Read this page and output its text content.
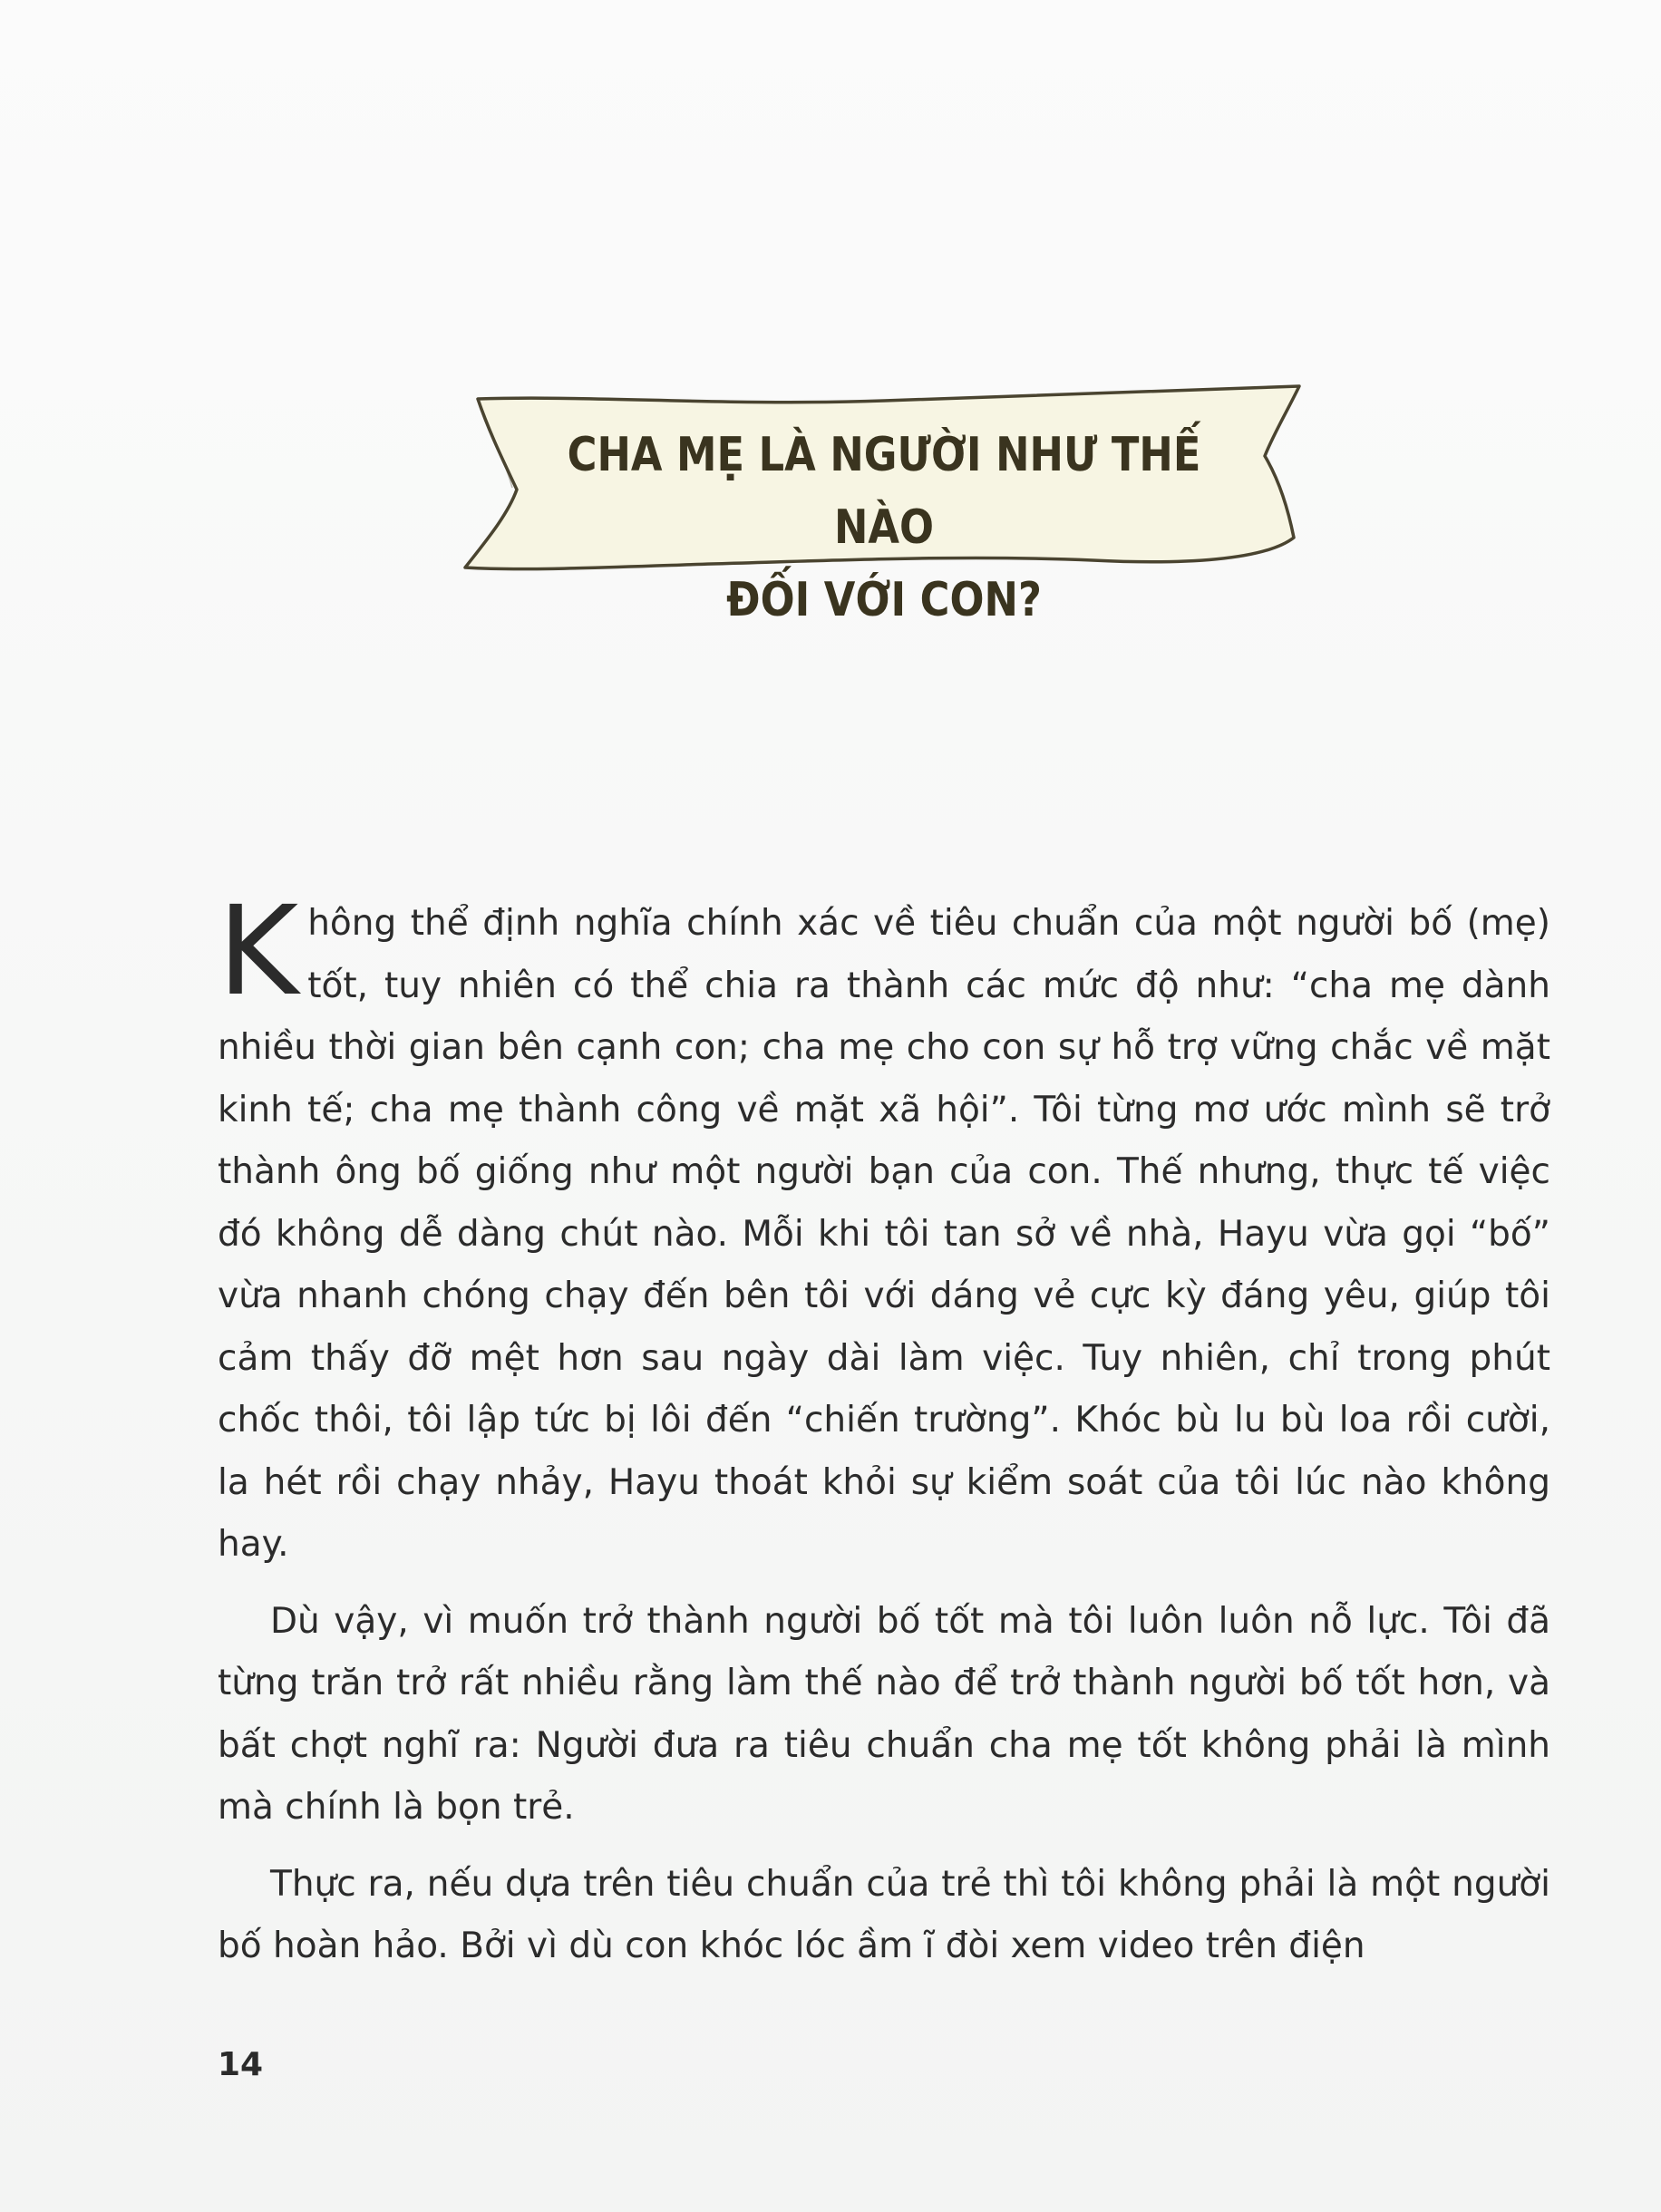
CHA MẸ LÀ NGƯỜI NHƯ THẾ NÀO
ĐỐI VỚI CON?

Không thể định nghĩa chính xác về tiêu chuẩn của một người bố (mẹ) tốt, tuy nhiên có thể chia ra thành các mức độ như: “cha mẹ dành nhiều thời gian bên cạnh con; cha mẹ cho con sự hỗ trợ vững chắc về mặt kinh tế; cha mẹ thành công về mặt xã hội”. Tôi từng mơ ước mình sẽ trở thành ông bố giống như một người bạn của con. Thế nhưng, thực tế việc đó không dễ dàng chút nào. Mỗi khi tôi tan sở về nhà, Hayu vừa gọi “bố” vừa nhanh chóng chạy đến bên tôi với dáng vẻ cực kỳ đáng yêu, giúp tôi cảm thấy đỡ mệt hơn sau ngày dài làm việc. Tuy nhiên, chỉ trong phút chốc thôi, tôi lập tức bị lôi đến “chiến trường”. Khóc bù lu bù loa rồi cười, la hét rồi chạy nhảy, Hayu thoát khỏi sự kiểm soát của tôi lúc nào không hay.

Dù vậy, vì muốn trở thành người bố tốt mà tôi luôn luôn nỗ lực. Tôi đã từng trăn trở rất nhiều rằng làm thế nào để trở thành người bố tốt hơn, và bất chợt nghĩ ra: Người đưa ra tiêu chuẩn cha mẹ tốt không phải là mình mà chính là bọn trẻ.

Thực ra, nếu dựa trên tiêu chuẩn của trẻ thì tôi không phải là một người bố hoàn hảo. Bởi vì dù con khóc lóc ầm ĩ đòi xem video trên điện

14
